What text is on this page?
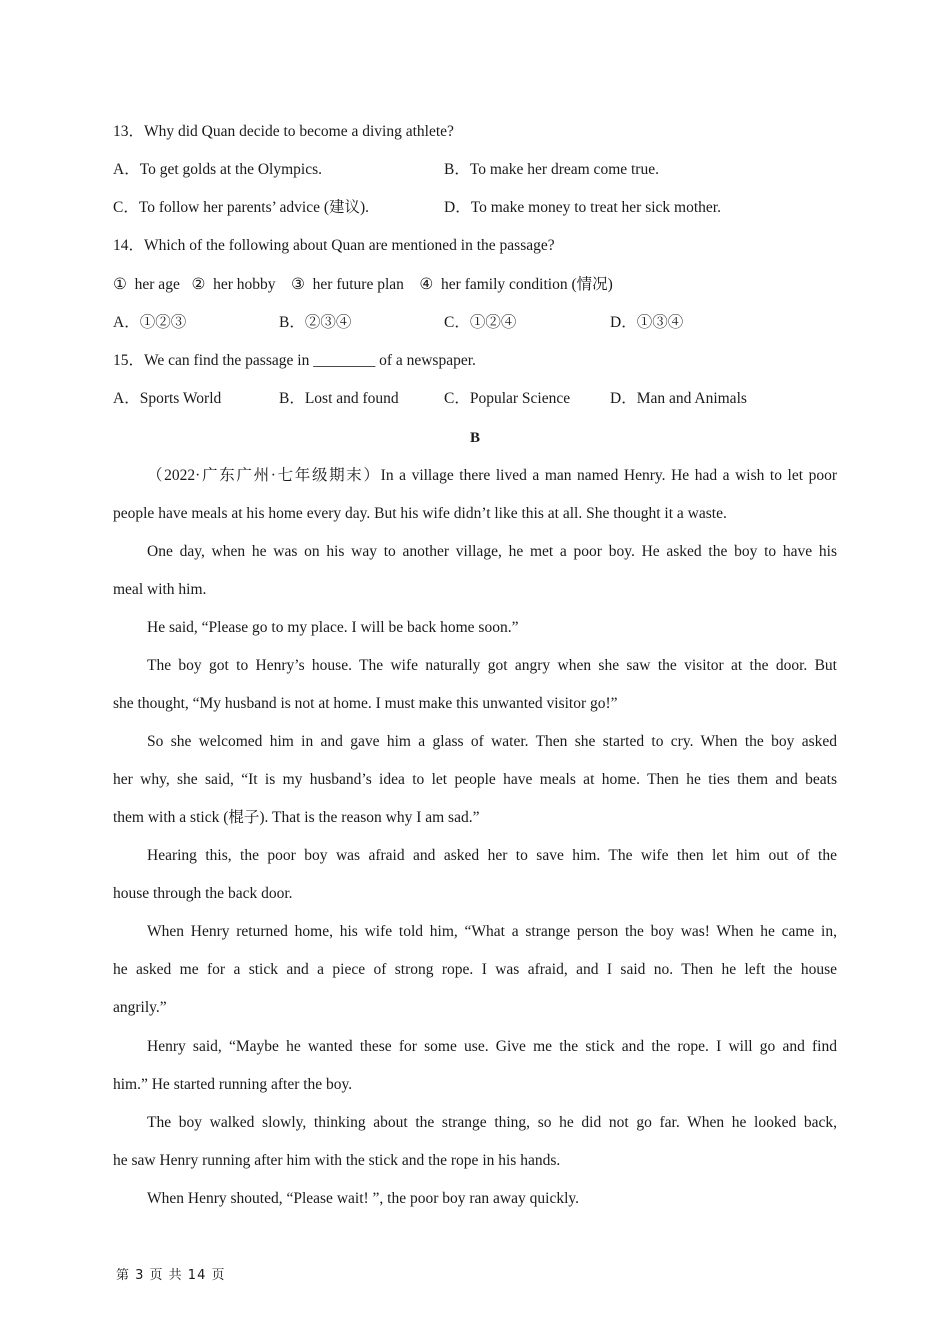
13．Why did Quan decide to become a diving athlete?
A．To get golds at the Olympics.	B．To make her dream come true.
C．To follow her parents’ advice (建议).	D．To make money to treat her sick mother.
14．Which of the following about Quan are mentioned in the passage?
①  her age   ②  her hobby    ③  her future plan    ④  her family condition (情况)
A．①②③	B．②③④	C．①②④	D．①③④
15．We can find the passage in ________ of a newspaper.
A．Sports World	B．Lost and found	C．Popular Science	D．Man and Animals
B
（2022·广东广州·七年级期末）In a village there lived a man named Henry. He had a wish to let poor
people have meals at his home every day. But his wife didn’t like this at all. She thought it a waste.
One day, when he was on his way to another village, he met a poor boy. He asked the boy to have his
meal with him.
He said, “Please go to my place. I will be back home soon.”
The boy got to Henry’s house. The wife naturally got angry when she saw the visitor at the door. But
she thought, “My husband is not at home. I must make this unwanted visitor go!”
So she welcomed him in and gave him a glass of water. Then she started to cry. When the boy asked
her why, she said, “It is my husband’s idea to let people have meals at home. Then he ties them and beats
them with a stick (棍子). That is the reason why I am sad.”
Hearing this, the poor boy was afraid and asked her to save him. The wife then let him out of the
house through the back door.
When Henry returned home, his wife told him, “What a strange person the boy was! When he came in,
he asked me for a stick and a piece of strong rope. I was afraid, and I said no. Then he left the house
angrily.”
Henry said, “Maybe he wanted these for some use. Give me the stick and the rope. I will go and find
him.” He started running after the boy.
The boy walked slowly, thinking about the strange thing, so he did not go far. When he looked back,
he saw Henry running after him with the stick and the rope in his hands.
When Henry shouted, “Please wait! ”, the poor boy ran away quickly.
第 3 页 共 14 页
